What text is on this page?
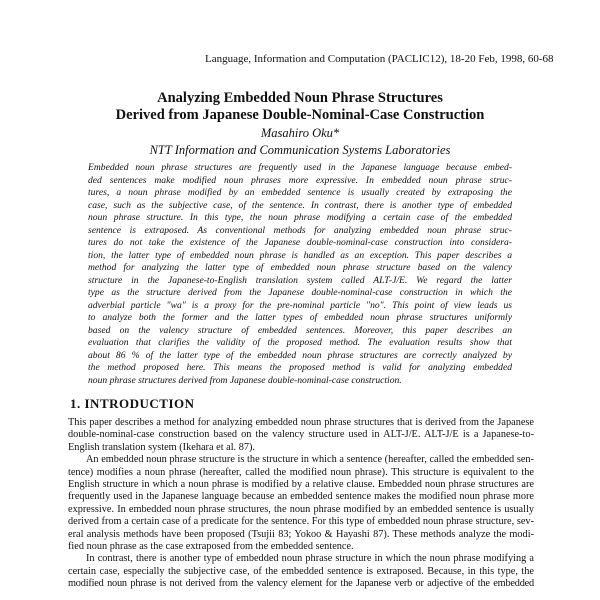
Language, Information and Computation (PACLIC12), 18-20 Feb, 1998, 60-68
Analyzing Embedded Noun Phrase Structures
Derived from Japanese Double-Nominal-Case Construction
Masahiro Oku*
NTT Information and Communication Systems Laboratories
Embedded noun phrase structures are frequently used in the Japanese language because embed-
ded sentences make modified noun phrases more expressive. In embedded noun phrase struc-
tures, a noun phrase modified by an embedded sentence is usually created by extraposing the
case, such as the subjective case, of the sentence. In contrast, there is another type of embedded
noun phrase structure. In this type, the noun phrase modifying a certain case of the embedded
sentence is extraposed. As conventional methods for analyzing embedded noun phrase struc-
tures do not take the existence of the Japanese double-nominal-case construction into considera-
tion, the latter type of embedded noun phrase is handled as an exception. This paper describes a
method for analyzing the latter type of embedded noun phrase structure based on the valency
structure in the Japanese-to-English translation system called ALT-J/E. We regard the latter
type as the structure derived from the Japanese double-nominal-case construction in which the
adverbial particle "wa" is a proxy for the pre-nominal particle "no". This point of view leads us
to analyze both the former and the latter types of embedded noun phrase structures uniformly
based on the valency structure of embedded sentences. Moreover, this paper describes an
evaluation that clarifies the validity of the proposed method. The evaluation results show that
about 86 % of the latter type of the embedded noun phrase structures are correctly analyzed by
the method proposed here. This means the proposed method is valid for analyzing embedded
noun phrase structures derived from Japanese double-nominal-case construction.
1. INTRODUCTION
This paper describes a method for analyzing embedded noun phrase structures that is derived from the Japanese
double-nominal-case construction based on the valency structure used in ALT-J/E. ALT-J/E is a Japanese-to-
English translation system (Ikehara et al. 87).
An embedded noun phrase structure is the structure in which a sentence (hereafter, called the embedded sen-
tence) modifies a noun phrase (hereafter, called the modified noun phrase). This structure is equivalent to the
English structure in which a noun phrase is modified by a relative clause. Embedded noun phrase structures are
frequently used in the Japanese language because an embedded sentence makes the modified noun phrase more
expressive. In embedded noun phrase structures, the noun phrase modified by an embedded sentence is usually
derived from a certain case of a predicate for the sentence. For this type of embedded noun phrase structure, sev-
eral analysis methods have been proposed (Tsujii 83; Yokoo & Hayashi 87). These methods analyze the modi-
fied noun phrase as the case extraposed from the embedded sentence.
In contrast, there is another type of embedded noun phrase structure in which the noun phrase modifying a
certain case, especially the subjective case, of the embedded sentence is extraposed. Because, in this type, the
modified noun phrase is not derived from the valency element for the Japanese verb or adjective of the embedded
